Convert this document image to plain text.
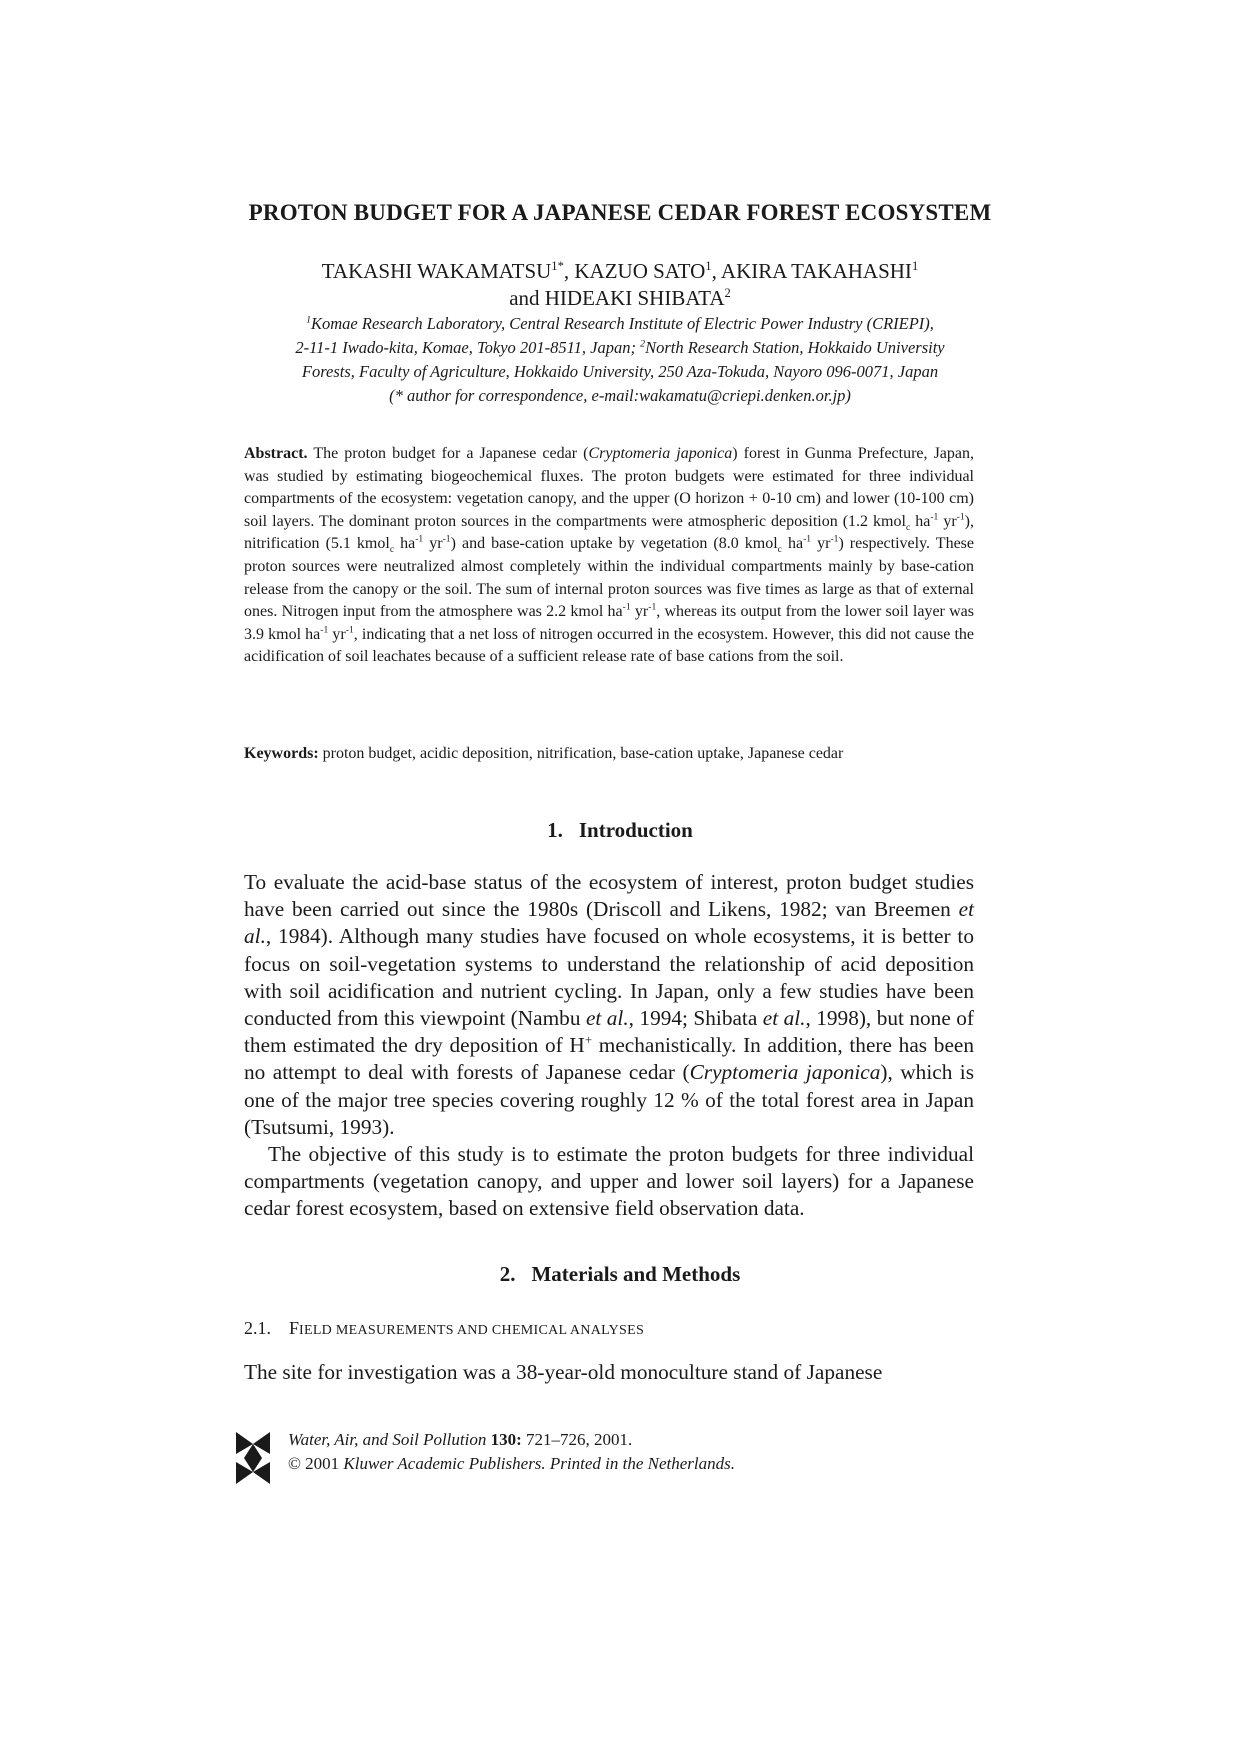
PROTON BUDGET FOR A JAPANESE CEDAR FOREST ECOSYSTEM
TAKASHI $WAKAMATSU^{1*}$, KAZUO SATO$^1$, AKIRA TAKAHASHI$^1$
and HIDEAKI SHIBATA$^2$
$^1$Komae Research Laboratory, Central Research Institute of Electric Power Industry (CRIEPI),
2-11-1 Iwado-kita, Komae, Tokyo 201-8511, Japan; $^2$North Research Station, Hokkaido University
Forests, Faculty of Agriculture, Hokkaido University, 250 Aza-Tokuda, Nayoro 096-0071, Japan
(* author for correspondence, e-mail:wakamatu@criepi.denken.or.jp)
Abstract. The proton budget for a Japanese cedar (Cryptomeria japonica) forest in Gunma Prefecture, Japan, was studied by estimating biogeochemical fluxes. The proton budgets were estimated for three individual compartments of the ecosystem: vegetation canopy, and the upper (O horizon + 0-10 cm) and lower (10-100 cm) soil layers. The dominant proton sources in the compartments were atmospheric deposition (1.2 kmol$_c$ $ha^{-1}$ $yr^{-1}$), nitrification (5.1 kmol$_c$ $ha^{-1}$ $yr^{-1}$) and base-cation uptake by vegetation (8.0 kmol$_c$ $ha^{-1}$ $yr^{-1}$) respectively. These proton sources were neutralized almost completely within the individual compartments mainly by base-cation release from the canopy or the soil. The sum of internal proton sources was five times as large as that of external ones. Nitrogen input from the atmosphere was 2.2 kmol $ha^{-1}$ $yr^{-1}$, whereas its output from the lower soil layer was 3.9 kmol $ha^{-1}$ $yr^{-1}$, indicating that a net loss of nitrogen occurred in the ecosystem. However, this did not cause the acidification of soil leachates because of a sufficient release rate of base cations from the soil.
Keywords: proton budget, acidic deposition, nitrification, base-cation uptake, Japanese cedar
1. Introduction

To evaluate the acid-base status of the ecosystem of interest, proton budget studies have been carried out since the 1980s (Driscoll and Likens, 1982; van Breemen et al., 1984). Although many studies have focused on whole ecosystems, it is better to focus on soil-vegetation systems to understand the relationship of acid deposition with soil acidification and nutrient cycling. In Japan, only a few studies have been conducted from this viewpoint (Nambu et al., 1994; Shibata et al., 1998), but none of them estimated the dry deposition of H+ mechanistically. In addition, there has been no attempt to deal with forests of Japanese cedar (Cryptomeria japonica), which is one of the major tree species covering roughly 12 % of the total forest area in Japan (Tsutsumi, 1993).

The objective of this study is to estimate the proton budgets for three individual compartments (vegetation canopy, and upper and lower soil layers) for a Japanese cedar forest ecosystem, based on extensive field observation data.

2. Materials and Methods
2.1. FIELD MEASUREMENTS AND CHEMICAL ANALYSES

The site for investigation was a 38-year-old monoculture stand of Japanese

Water, Air, and Soil Pollution 130: 721–726, 2001.
© 2001 Kluwer Academic Publishers. Printed in the Netherlands.
